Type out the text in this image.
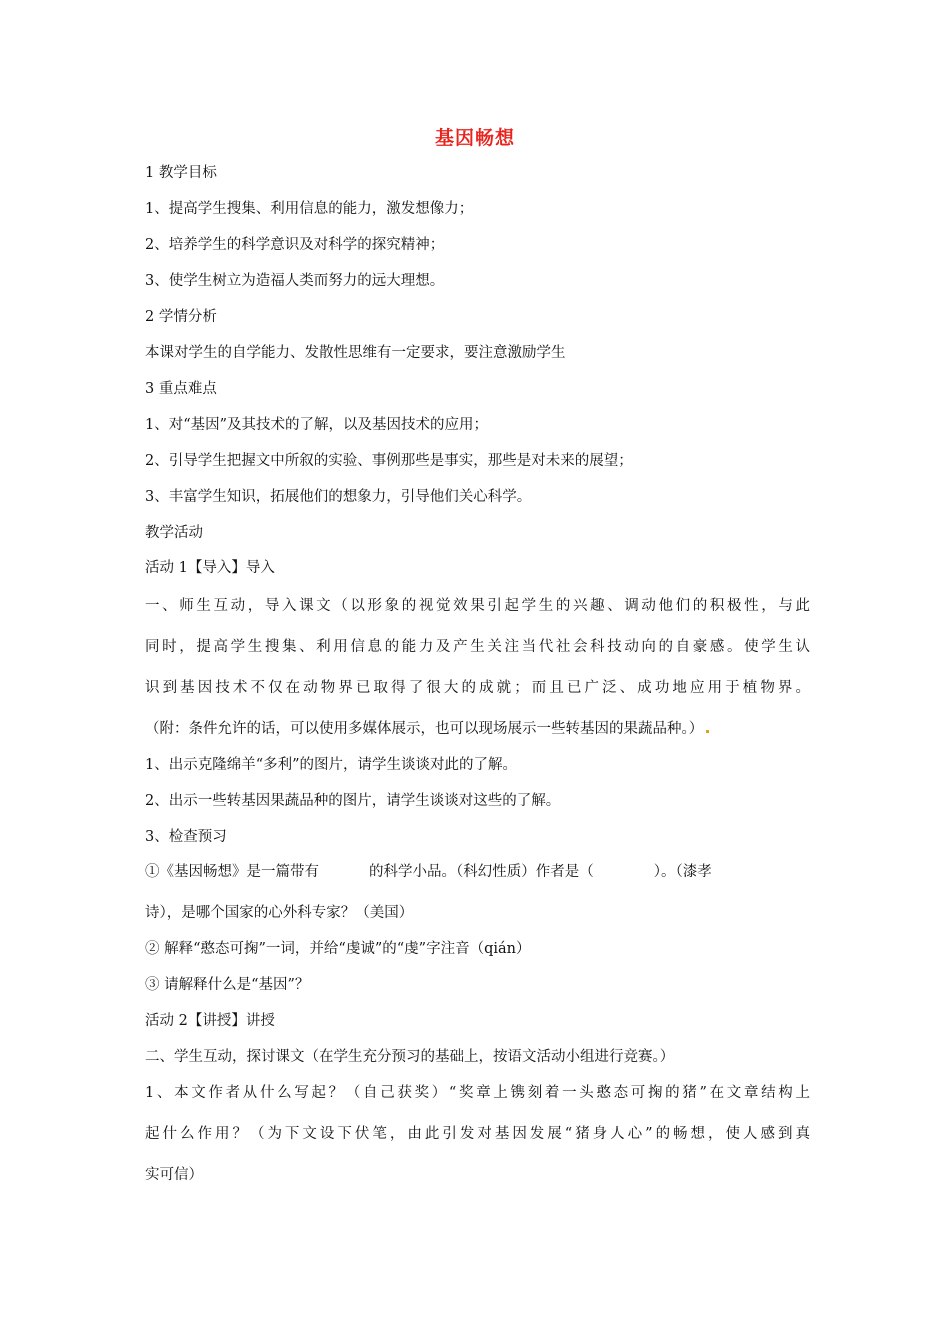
基因畅想
1 教学目标
1、提高学生搜集、利用信息的能力，激发想像力；
2、培养学生的科学意识及对科学的探究精神；
3、使学生树立为造福人类而努力的远大理想。
2 学情分析
本课对学生的自学能力、发散性思维有一定要求，要注意激励学生
3 重点难点
1、对“基因”及其技术的了解，以及基因技术的应用；
2、引导学生把握文中所叙的实验、事例那些是事实，那些是对未来的展望；
3、丰富学生知识，拓展他们的想象力，引导他们关心科学。
教学活动
活动 1【导入】导入
一、师生互动，导入课文（以形象的视觉效果引起学生的兴趣、调动他们的积极性，与此
同时，提高学生搜集、利用信息的能力及产生关注当代社会科技动向的自豪感。使学生认
识到基因技术不仅在动物界已取得了很大的成就；而且已广泛、成功地应用于植物界。
（附：条件允许的话，可以使用多媒体展示，也可以现场展示一些转基因的果蔬品种。）
1、出示克隆绵羊“多利”的图片，请学生谈谈对此的了解。
2、出示一些转基因果蔬品种的图片，请学生谈谈对这些的了解。
3、检查预习
①《基因畅想》是一篇带有	的科学小品。（科幻性质）作者是（	）。（漆孝
诗），是哪个国家的心外科专家？（美国）
② 解释“憨态可掬”一词，并给“虔诚”的“虔”字注音（qián）
③ 请解释什么是“基因”？
活动 2【讲授】讲授
二、学生互动，探讨课文（在学生充分预习的基础上，按语文活动小组进行竞赛。）
1、本文作者从什么写起？（自己获奖）“奖章上镌刻着一头憨态可掬的猪”在文章结构上
起什么作用？（为下文设下伏笔，由此引发对基因发展“猪身人心”的畅想，使人感到真
实可信）
